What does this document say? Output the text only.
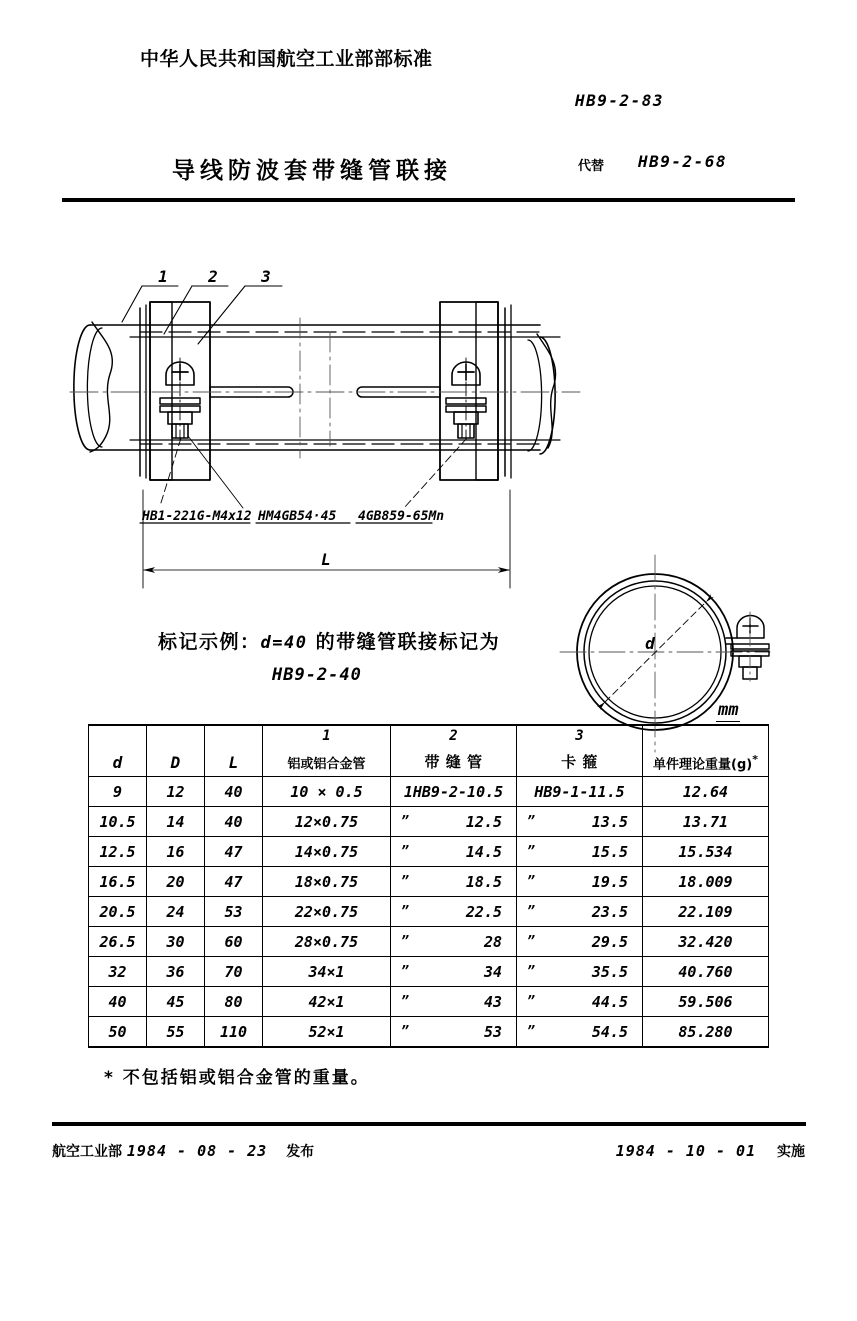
中华人民共和国航空工业部部标准
HB9-2-83
导线防波套带缝管联接	代替 HB9-2-68
1	2	3
HB1-221G-M4x12 HM4GB54·45 4GB859-65Mn
L
d
标记示例：d=40 的带缝管联接标记为
HB9-2-40
mm
d	D	L

1
铝或铝合金管

2
带 缝 管

3
卡 箍	单件理论重量(g)*

9	12	40	10 × 0.5	1HB9-2-10.5	HB9-1-11.5	12.64

10.5	14	40	12×0.75	” 12.5	” 13.5	13.71

12.5	16	47	14×0.75	” 14.5	” 15.5	15.534

16.5	20	47	18×0.75	” 18.5	” 19.5	18.009

20.5	24	53	22×0.75	” 22.5	” 23.5	22.109

26.5	30	60	28×0.75	” 28	” 29.5	32.420

32	36	70	34×1	” 34	” 35.5	40.760

40	45	80	42×1	” 43	” 44.5	59.506

50	55	110	52×1	” 53	” 54.5	85.280
* 不包括铝或铝合金管的重量。
航空工业部 1984 - 08 - 23 发布	1984 - 10 - 01 实施
